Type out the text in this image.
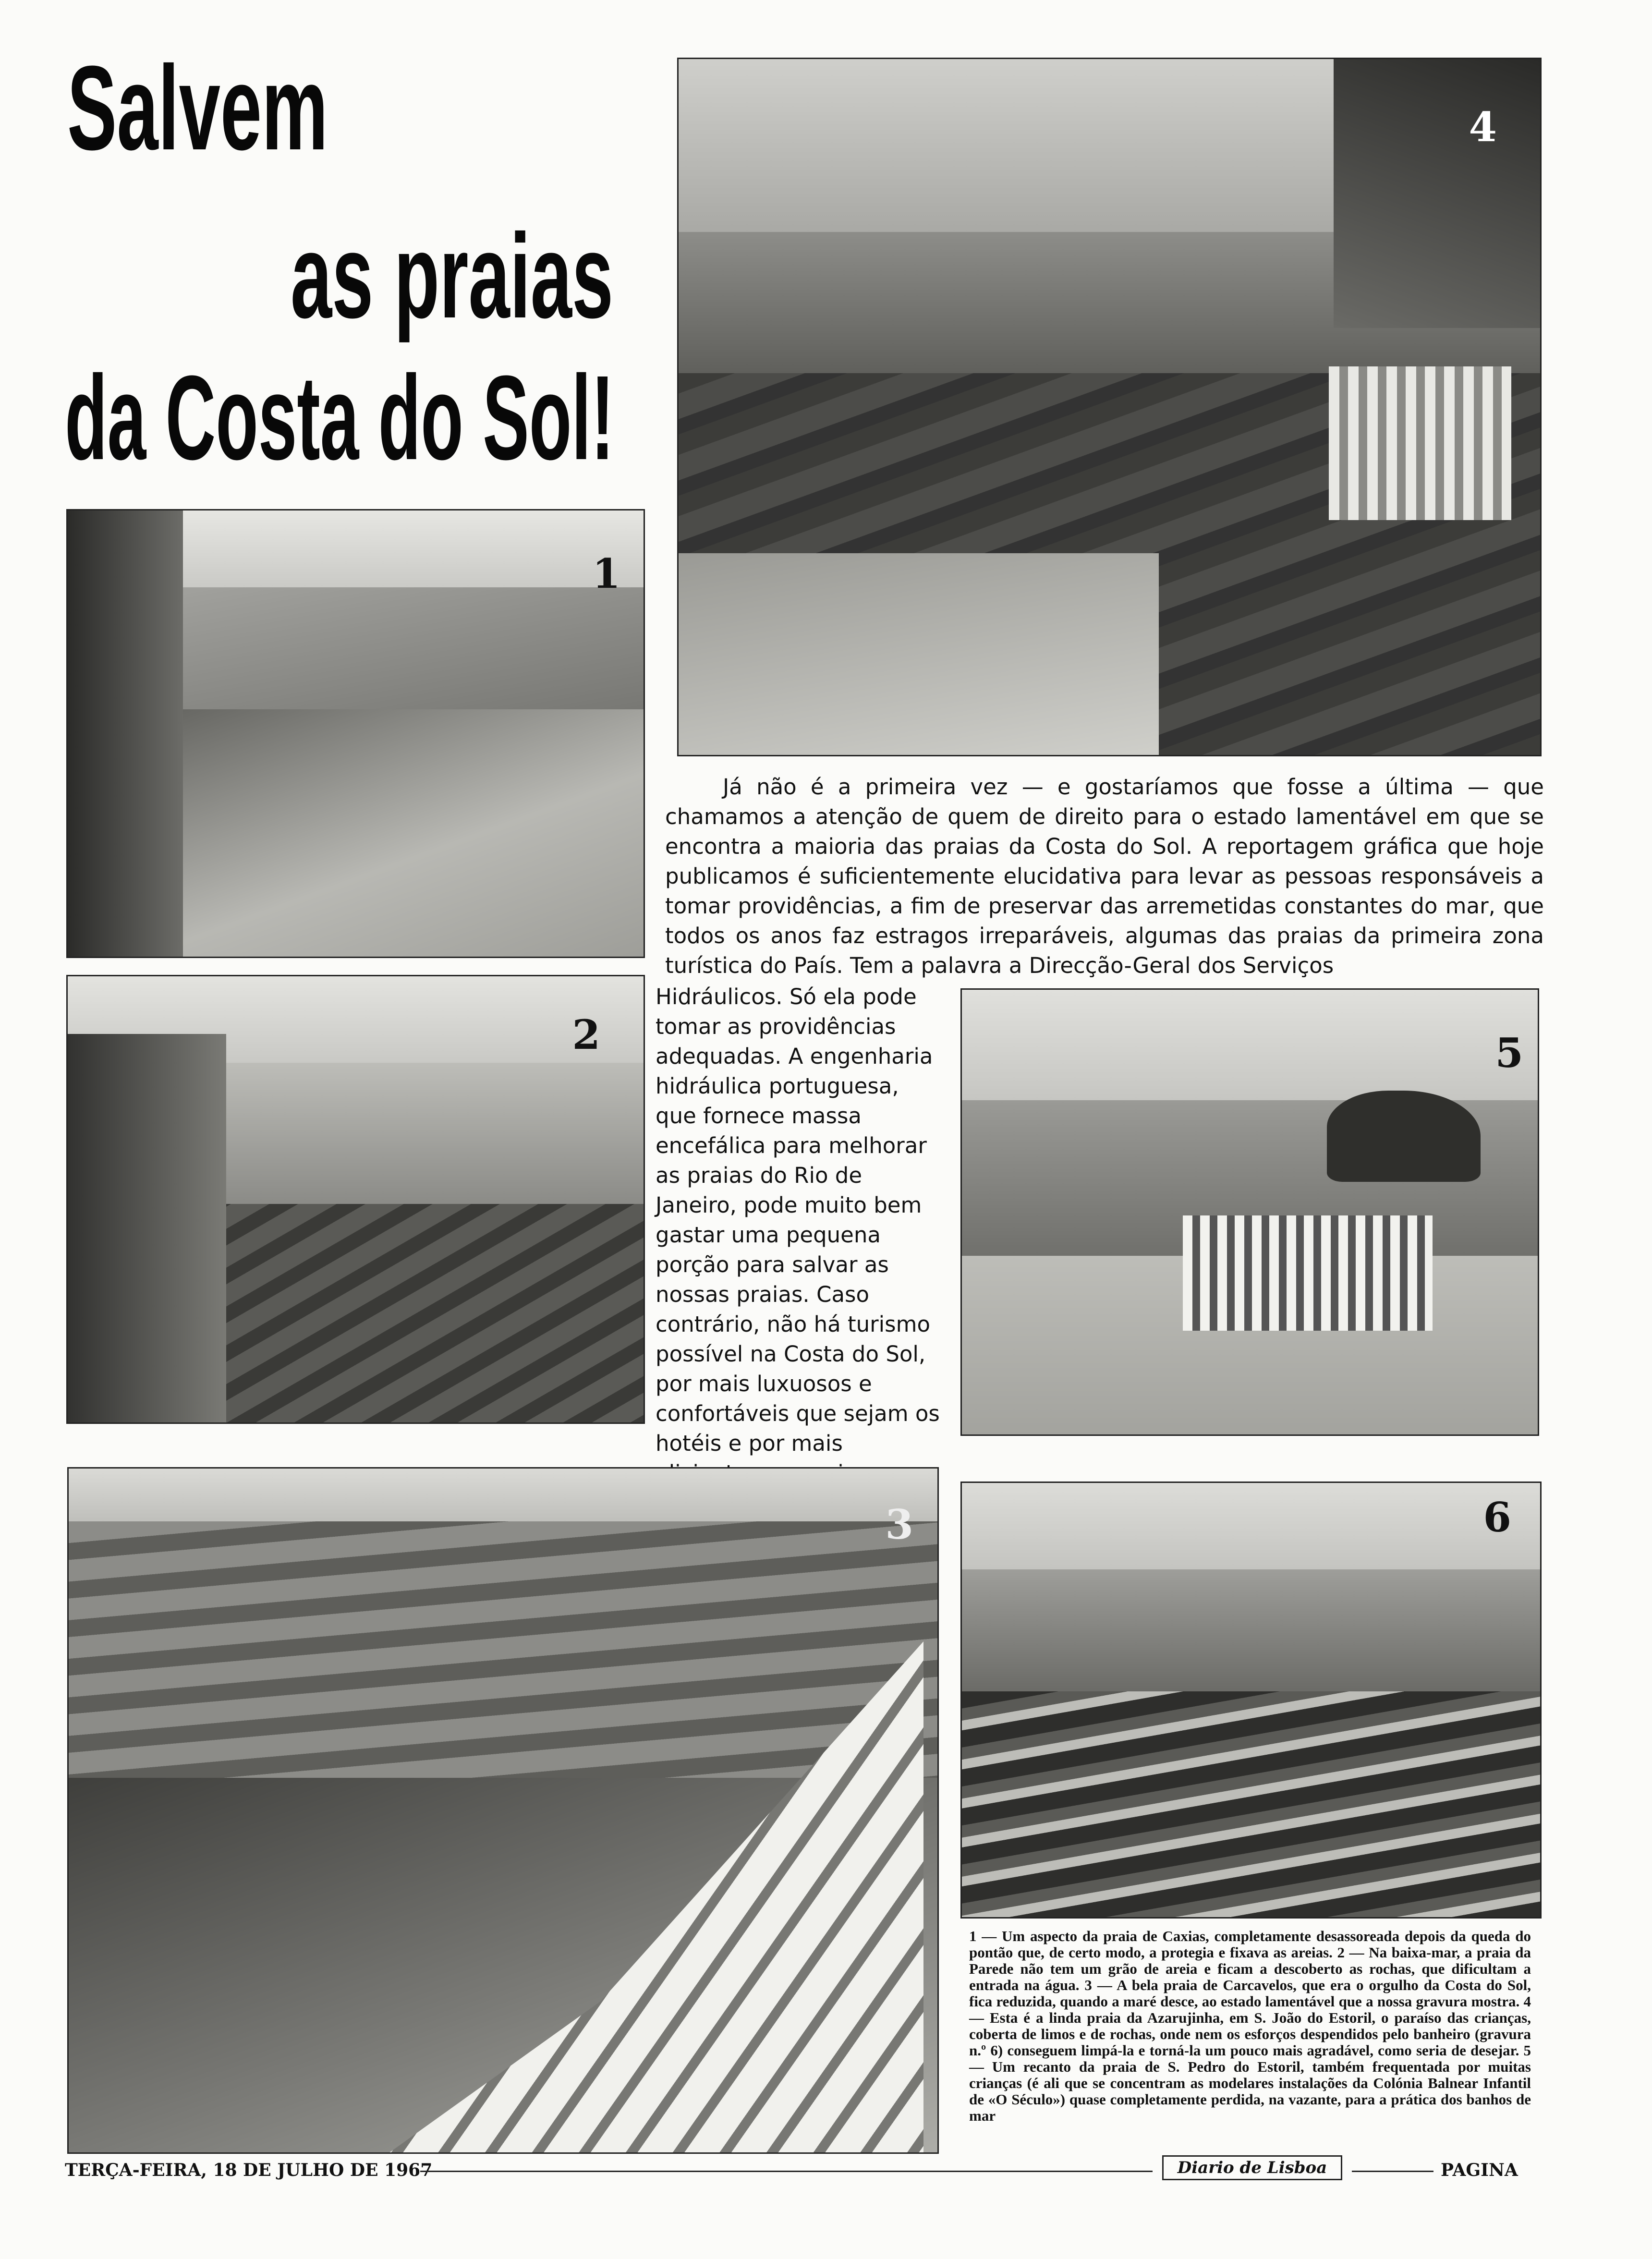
Salvem
as praias
da Costa do Sol!
4
1
2

Já não é a primeira vez — e gostaríamos que fosse a última — que chamamos a atenção de quem de direito para o estado lamentável em que se encontra a maioria das praias da Costa do Sol. A reportagem gráfica que hoje publicamos é suficientemente elucidativa para levar as pessoas responsáveis a tomar providências, a fim de preservar das arremetidas constantes do mar, que todos os anos faz estragos irreparáveis, algumas das praias da primeira zona turística do País. Tem a palavra a Direcção-Geral dos Serviços

Hidráulicos. Só ela pode tomar as providências adequadas. A engenharia hidráulica portuguesa, que fornece massa encefálica para melhorar as praias do Rio de Janeiro, pode muito bem gastar uma pequena porção para salvar as nossas praias. Caso contrário, não há turismo possível na Costa do Sol, por mais luxuosos e confortáveis que sejam os hotéis e por mais

5
3	6

1 — Um aspecto da praia de Caxias, completamente desassoreada depois da queda do pontão que, de certo modo, a protegia e fixava as areias. 2 — Na baixa-mar, a praia da Parede não tem um grão de areia e ficam a descoberto as rochas, que dificultam a entrada na água. 3 — A bela praia de Carcavelos, que era o orgulho da Costa do Sol, fica reduzida, quando a maré desce, ao estado lamentável que a nossa gravura mostra. 4 — Esta é a linda praia da Azarujinha, em S. João do Estoril, o paraíso das crianças, coberta de limos e de rochas, onde nem os esforços despendidos pelo banheiro (gravura n.º 6) conseguem limpá-la e torná-la um pouco mais agradável, como seria de desejar. 5 — Um recanto da praia de S. Pedro do Estoril, também frequentada por muitas crianças (é ali que se concentram as modelares instalações da Colónia Balnear Infantil de «O Século») quase completamente perdida, na vazante, para a prática dos banhos de mar

TERÇA-FEIRA, 18 DE JULHO DE 1967	Diario de Lisboa	PAGINA
